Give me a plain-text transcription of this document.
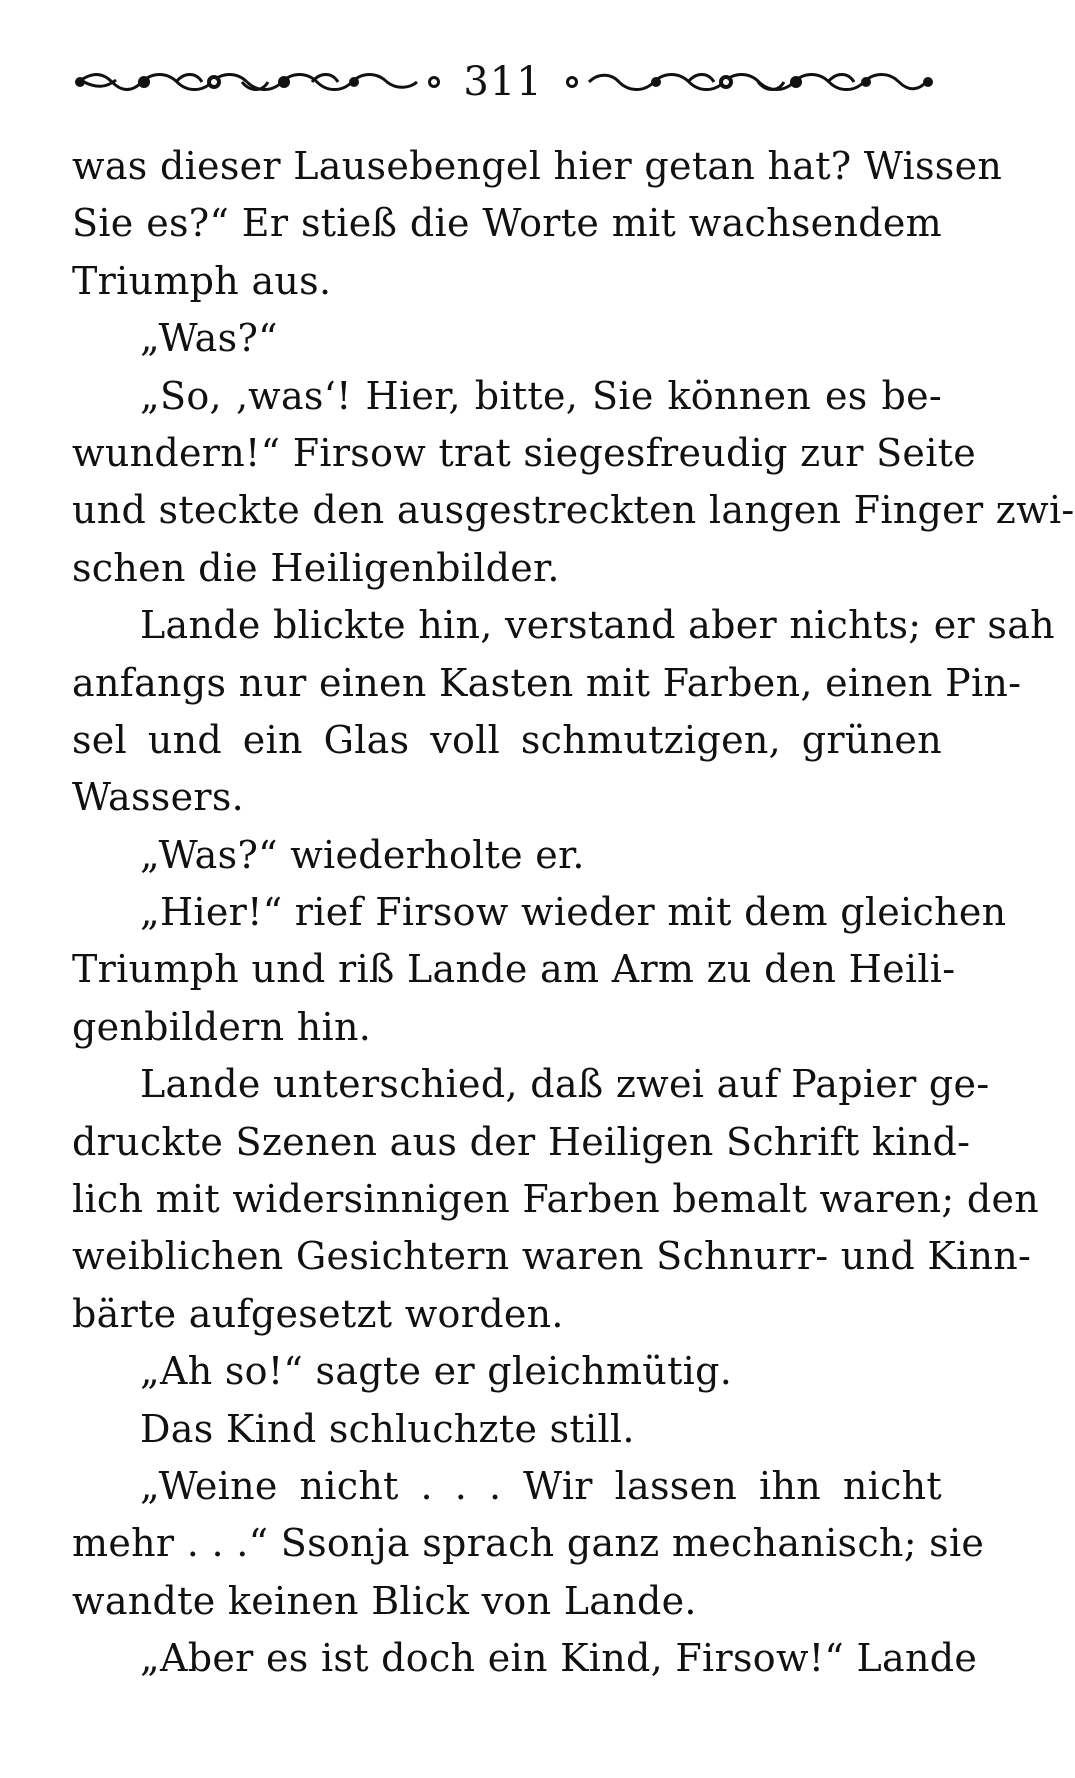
311

was dieser Lausebengel hier getan hat? Wissen
Sie es?“ Er stieß die Worte mit wachsendem
Triumph aus.

„Was?“

„So, ‚was‘! Hier, bitte, Sie können es be-
wundern!“ Firsow trat siegesfreudig zur Seite
und steckte den ausgestreckten langen Finger zwi-
schen die Heiligenbilder.

Lande blickte hin, verstand aber nichts; er sah
anfangs nur einen Kasten mit Farben, einen Pin-
sel und ein Glas voll schmutzigen, grünen
Wassers.

„Was?“ wiederholte er.

„Hier!“ rief Firsow wieder mit dem gleichen
Triumph und riß Lande am Arm zu den Heili-
genbildern hin.

Lande unterschied, daß zwei auf Papier ge-
druckte Szenen aus der Heiligen Schrift kind-
lich mit widersinnigen Farben bemalt waren; den
weiblichen Gesichtern waren Schnurr- und Kinn-
bärte aufgesetzt worden.

„Ah so!“ sagte er gleichmütig.

Das Kind schluchzte still.

„Weine nicht . . . Wir lassen ihn nicht
mehr . . .“ Ssonja sprach ganz mechanisch; sie
wandte keinen Blick von Lande.

„Aber es ist doch ein Kind, Firsow!“ Lande
